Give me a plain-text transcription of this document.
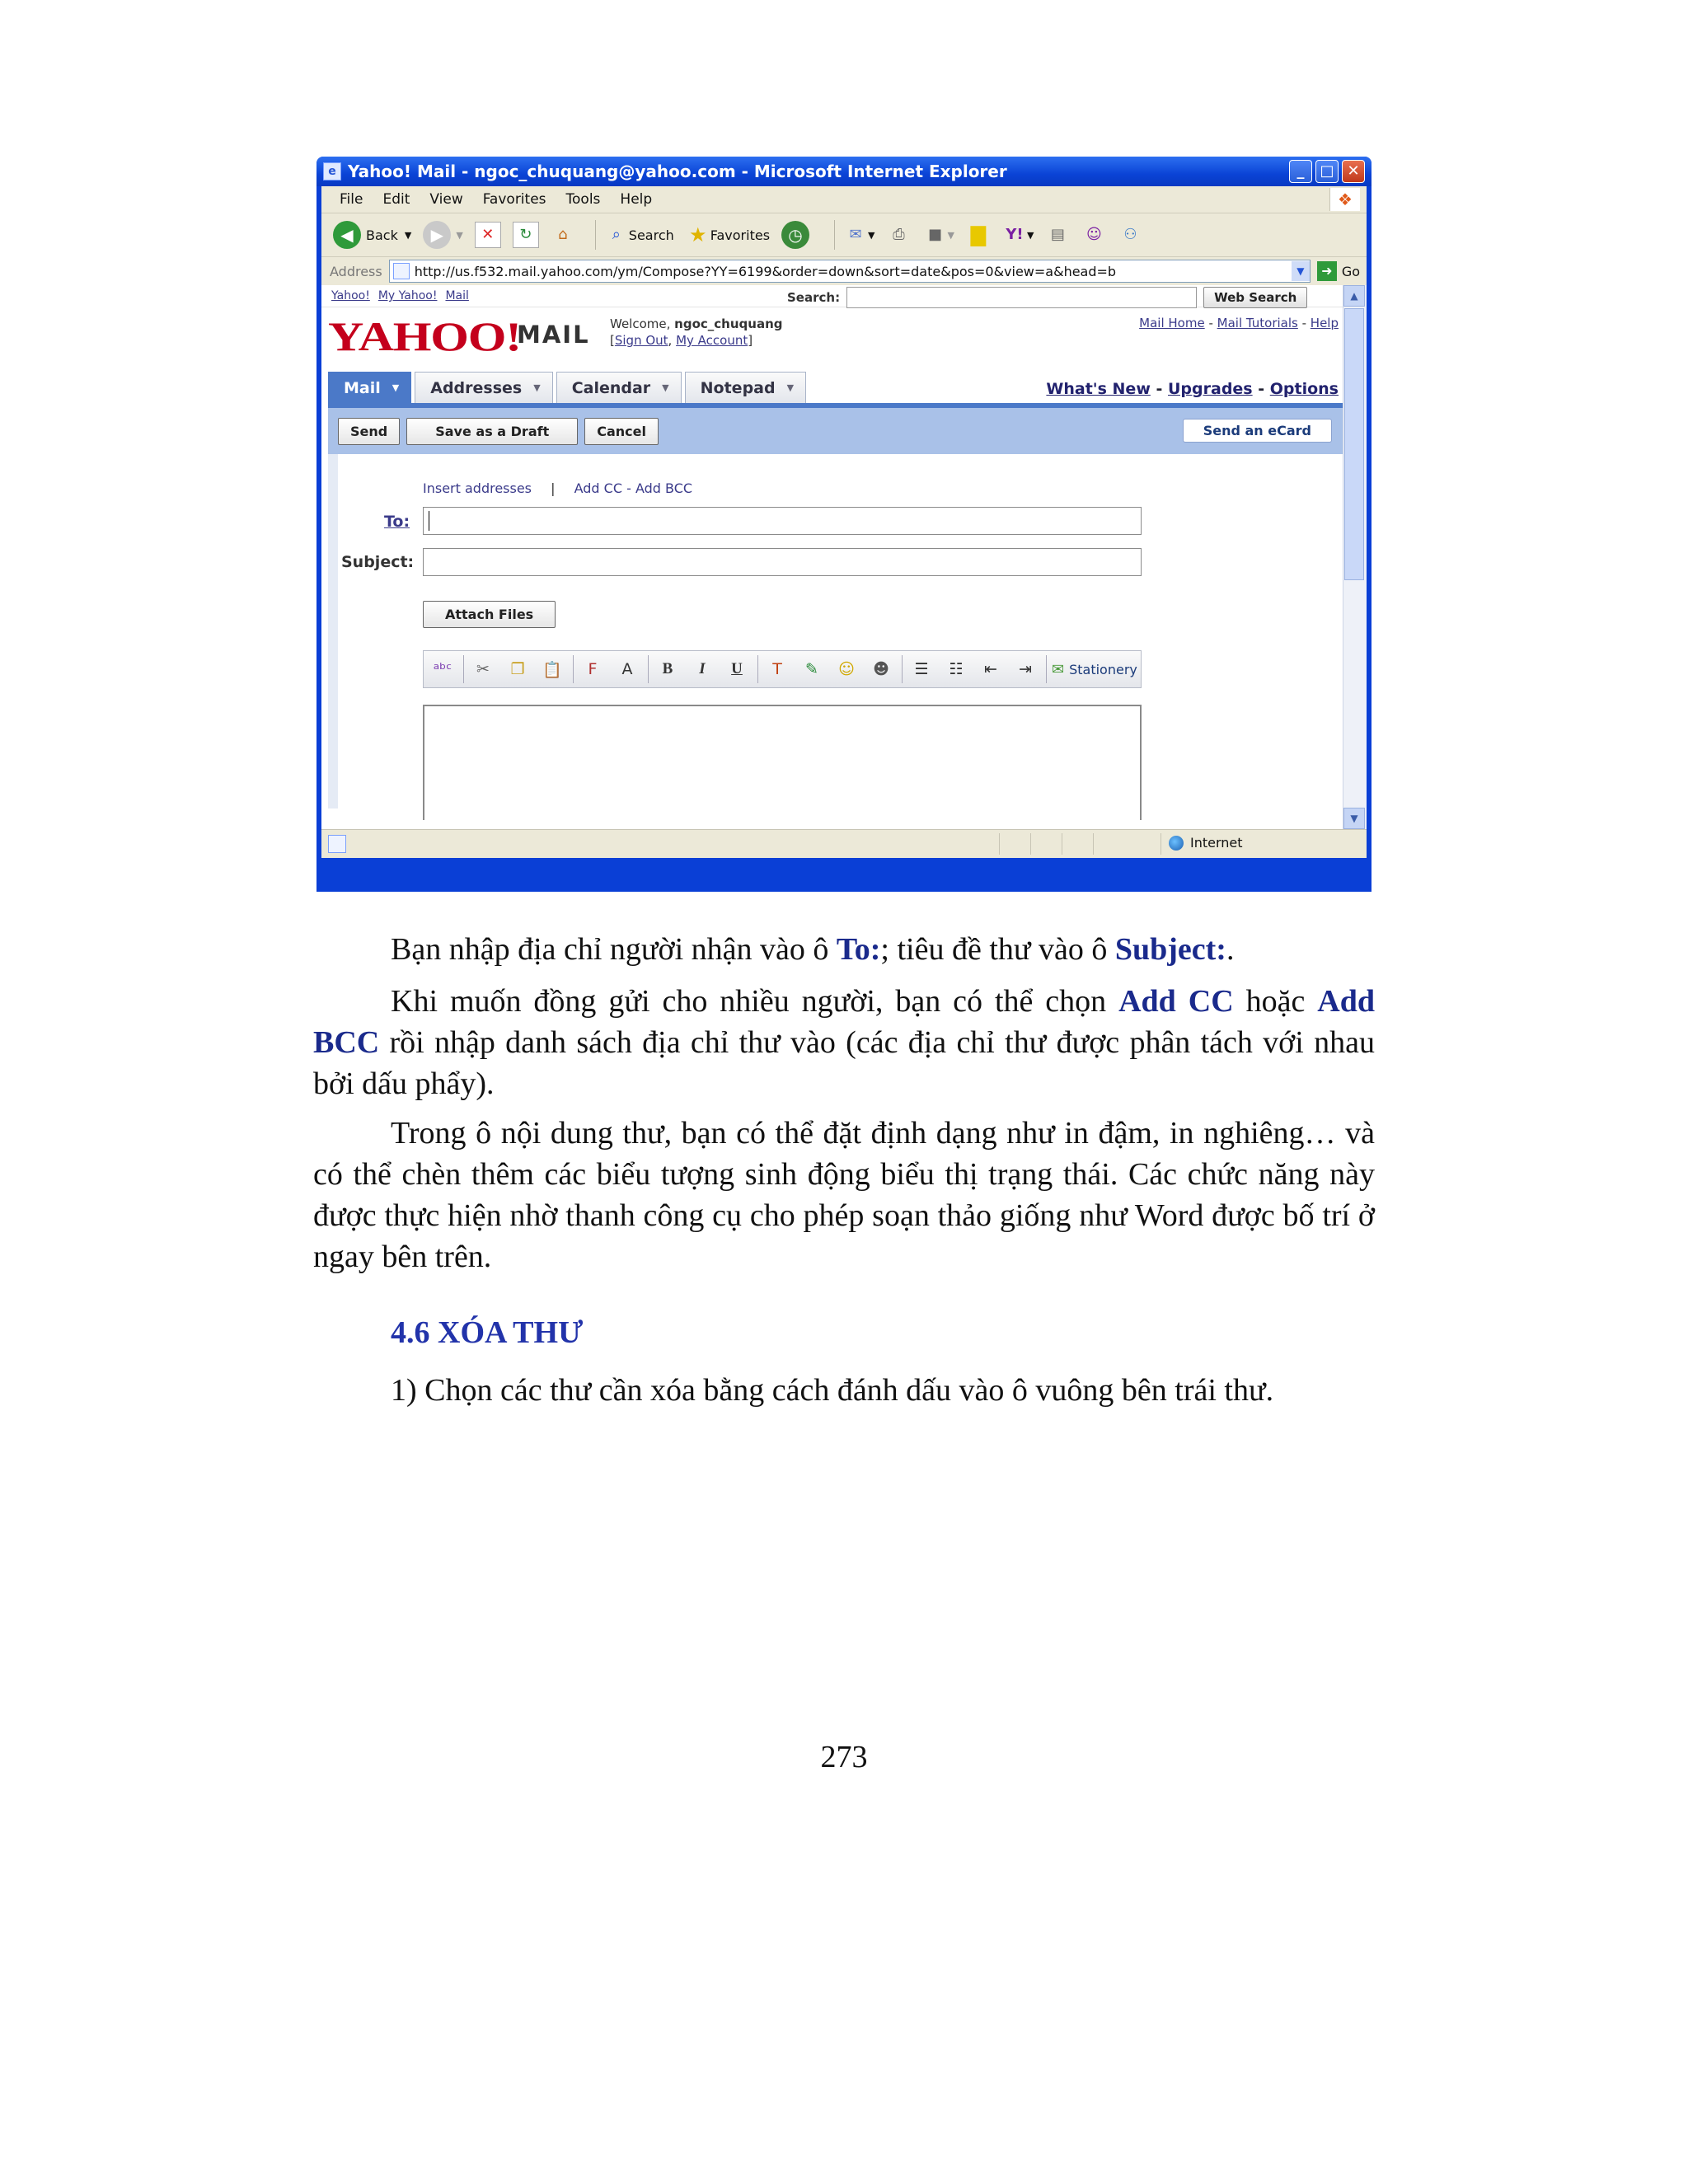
e Yahoo! Mail - ngoc_chuquang@yahoo.com - Microsoft Internet Explorer	_	□ ✕
File Edit View Favorites Tools Help	❖
◀ Back ▼	▶	▼	✕	↻	⌂	⌕ Search ★ Favorites	◷	✉ ▼	⎙	■ ▼ ▇	Y! ▼	▤	☺	⚇
Address http://us.f532.mail.yahoo.com/ym/Compose?YY=6199&order=down&sort=date&pos=0&view=a&head=b	▼	➜ Go
Yahoo! My Yahoo! Mail	Search:	Web Search
YAHOO!
MAIL Welcome, ngoc_chuquang
[Sign Out, My Account]
Mail Home - Mail Tutorials - Help
Mail ▼ Addresses ▼ Calendar ▼ Notepad ▼	What's New - Upgrades - Options
Send	Save as a Draft	Cancel	Send an eCard
Insert addresses | Add CC - Add BCC
To:
Subject:
Attach Files
ᵃᵇᶜ	✂	❐	📋	F	A	B	I	U	T	✎	☺	☻	☰	☷	⇤	⇥	✉ Stationery
▲
▼
Internet

Bạn nhập địa chỉ người nhận vào ô To:; tiêu đề thư vào ô Subject:.

Khi muốn đồng gửi cho nhiều người, bạn có thể chọn Add CC hoặc Add BCC rồi nhập danh sách địa chỉ thư vào (các địa chỉ thư được phân tách với nhau bởi dấu phẩy).

Trong ô nội dung thư, bạn có thể đặt định dạng như in đậm, in nghiêng… và có thể chèn thêm các biểu tượng sinh động biểu thị trạng thái. Các chức năng này được thực hiện nhờ thanh công cụ cho phép soạn thảo giống như Word được bố trí ở ngay bên trên.

4.6 XÓA THƯ
1) Chọn các thư cần xóa bằng cách đánh dấu vào ô vuông bên trái thư.
273
